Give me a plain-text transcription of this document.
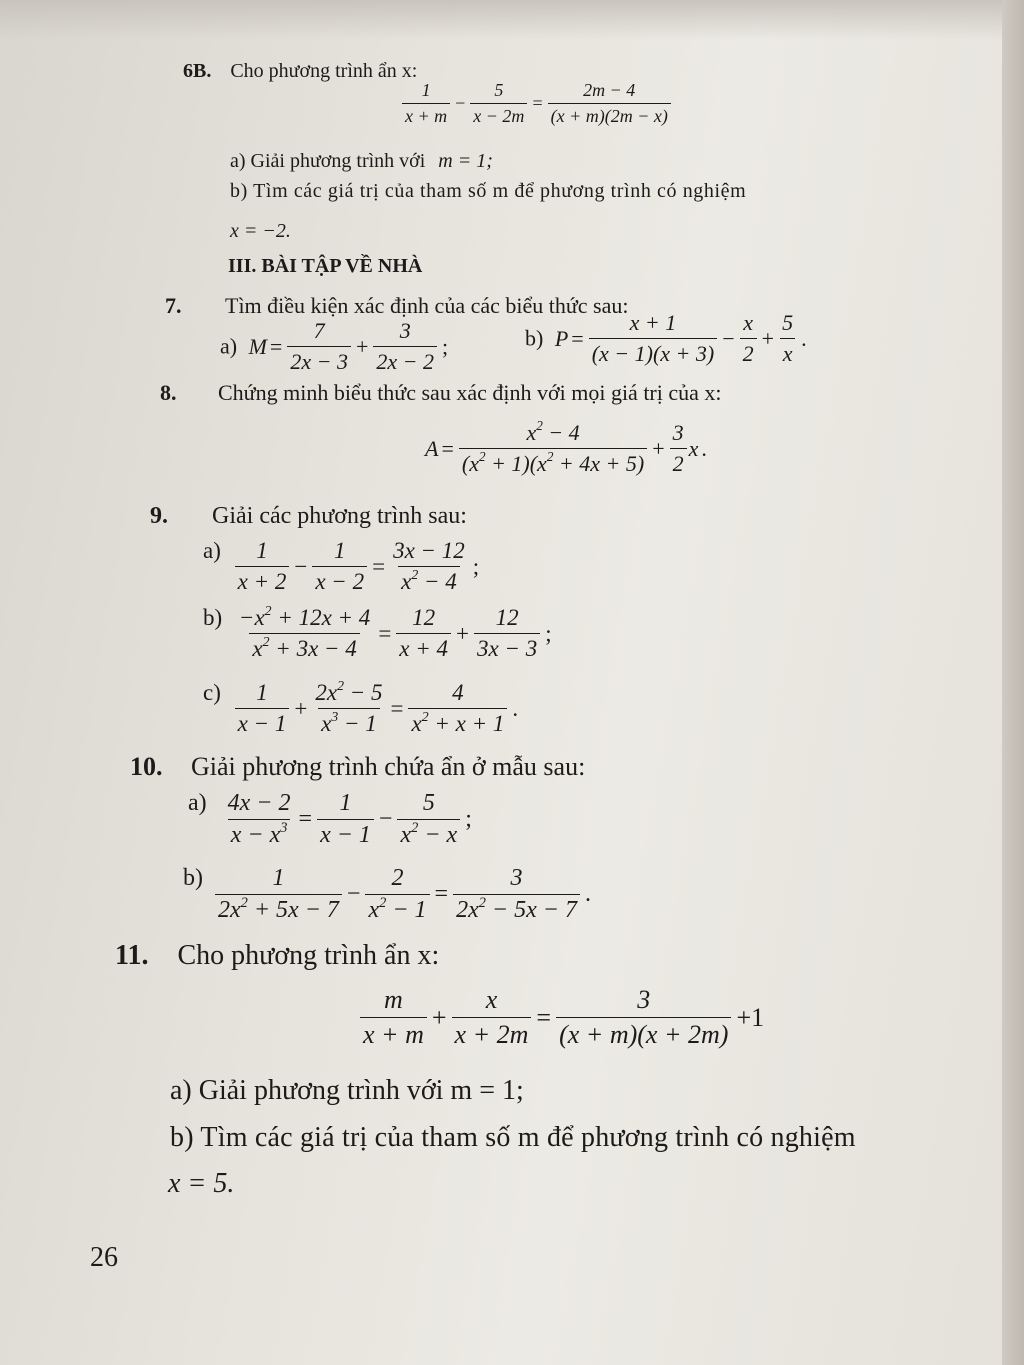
6B. Cho phương trình ẩn x:
$\frac{1}{x + m} - \frac{5}{x - 2m} = \frac{2m - 4}{(x + m)(2m - x)}$
a) Giải phương trình với m = 1;
b) Tìm các giá trị của tham số m để phương trình có nghiệm
x = −2.
III. BÀI TẬP VỀ NHÀ
7. Tìm điều kiện xác định của các biểu thức sau:
a) $M = \frac{7}{2x - 3} + \frac{3}{2x - 2}$ ;	b) $P = \frac{x + 1}{(x - 1)(x + 3)} - \frac{x}{2} + \frac{5}{x}$ .
8. Chứng minh biểu thức sau xác định với mọi giá trị của x:
$A = \frac{x^2 - 4}{(x^2 + 1)(x^2 + 4x + 5)} + \frac{3}{2}$ x .
9. Giải các phương trình sau:
$a) \frac{1}{x + 2} - \frac{1}{x - 2} = \frac{3x - 12}{x^2 - 4}$ ;
$b) \frac{-x^2 + 12x + 4}{x^2 + 3x - 4} = \frac{12}{x + 4} + \frac{12}{3x - 3}$ ;
$c) \frac{1}{x - 1} + \frac{2x^2 - 5}{x^3 - 1} = \frac{4}{x^2 + x + 1}$ .
10. Giải phương trình chứa ẩn ở mẫu sau:
$a) \frac{4x - 2}{x - x^3} = \frac{1}{x - 1} - \frac{5}{x^2 - x}$ ;
$b) \frac{1}{2x^2 + 5x - 7} - \frac{2}{x^2 - 1} = \frac{3}{2x^2 - 5x - 7}$ .
11. Cho phương trình ẩn x:
$\frac{m}{x + m} + \frac{x}{x + 2m} = \frac{3}{(x + m)(x + 2m)} +1$
a) Giải phương trình với m = 1;
b) Tìm các giá trị của tham số m để phương trình có nghiệm
x = 5.
26
